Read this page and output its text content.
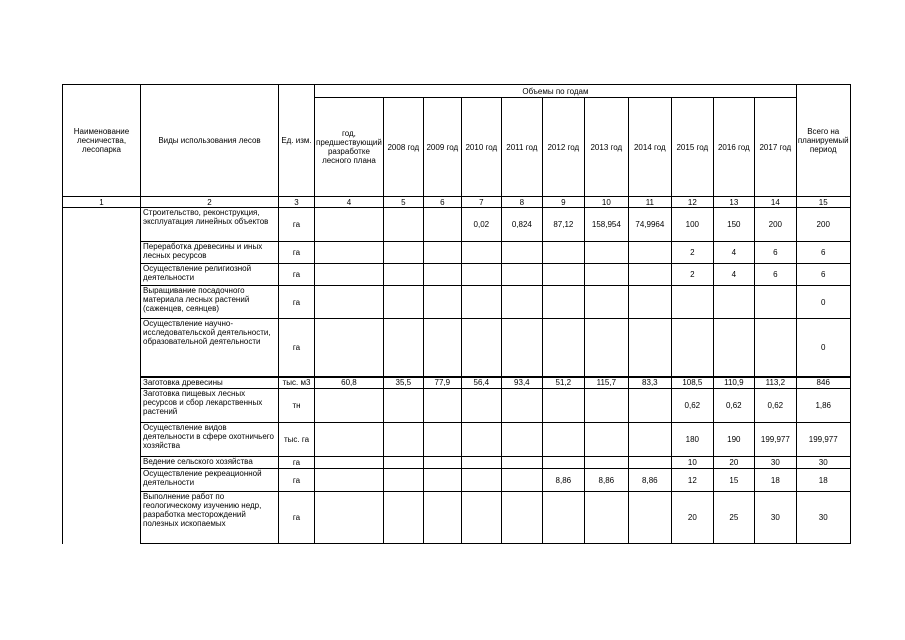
Наименование лесничества, лесопарка	Виды использования лесов	Ед. изм.	Объемы по годам											Всего на планируемый период
			год, предшествующий разработке лесного плана	2008 год	2009 год	2010 год	2011 год	2012 год	2013 год	2014 год	2015 год	2016 год	2017 год	
1	2	3	4	5	6	7	8	9	10	11	12	13	14	15
	Строительство, реконструкция, эксплуатация линейных объектов	га				0,02	0,824	87,12	158,954	74,9964	100	150	200	200
	Переработка древесины и иных лесных ресурсов	га									2	4	6	6
	Осуществление религиозной деятельности	га									2	4	6	6
	Выращивание посадочного материала лесных растений (саженцев, сеянцев)	га												0
	Осуществление научно-исследовательской деятельности, образовательной деятельности	га												0
	Заготовка древесины	тыс. м3	60,8	35,5	77,9	56,4	93,4	51,2	115,7	83,3	108,5	110,9	113,2	846
	Заготовка пищевых лесных ресурсов и сбор лекарственных растений	тн									0,62	0,62	0,62	1,86
	Осуществление видов деятельности в сфере охотничьего хозяйства	тыс. га									180	190	199,977	199,977
	Ведение сельского хозяйства	га									10	20	30	30
	Осуществление рекреационной деятельности	га						8,86	8,86	8,86	12	15	18	18
	Выполнение работ по геологическому изучению недр, разработка месторождений полезных ископаемых	га									20	25	30	30
